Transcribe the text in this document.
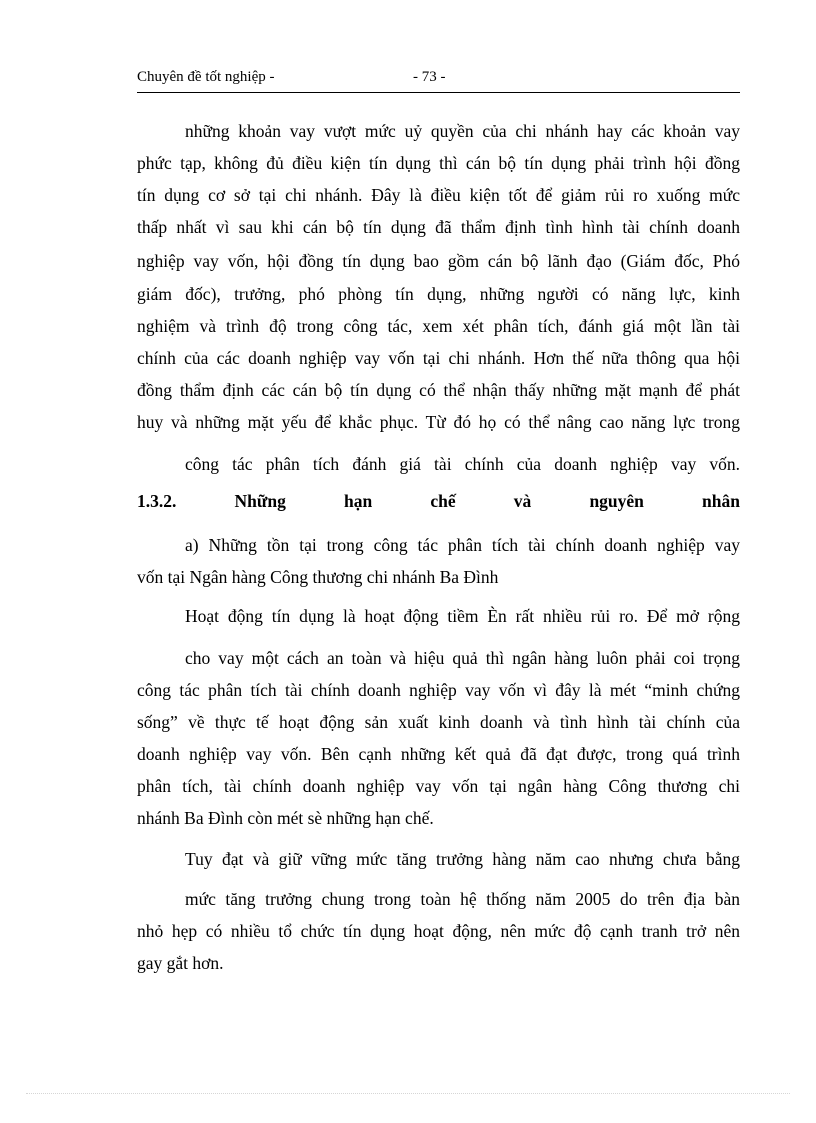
Chuyên đề tốt nghiệp -	- 73 -
những khoản vay vượt mức uỷ quyền của chi nhánh hay các khoản vay
phức tạp, không đủ điều kiện tín dụng thì cán bộ tín dụng phải trình hội đồng
tín dụng cơ sở tại chi nhánh. Đây là điều kiện tốt để giảm rủi ro xuống mức
thấp nhất vì sau khi cán bộ tín dụng đã thẩm định tình hình tài chính doanh
nghiệp vay vốn, hội đồng tín dụng bao gồm cán bộ lãnh đạo (Giám đốc, Phó
giám đốc), trưởng, phó phòng tín dụng, những người có năng lực, kinh
nghiệm và trình độ trong công tác, xem xét phân tích, đánh giá một lần tài
chính của các doanh nghiệp vay vốn tại chi nhánh. Hơn thế nữa thông qua hội
đồng thẩm định các cán bộ tín dụng có thể nhận thấy những mặt mạnh để phát
huy và những mặt yếu để khắc phục. Từ đó họ có thể nâng cao năng lực trong
công tác phân tích đánh giá tài chính của doanh nghiệp vay vốn.
1.3.2.	Những	hạn	chế	và	nguyên	nhân
a) Những tồn tại trong công tác phân tích tài chính doanh nghiệp vay
vốn tại Ngân hàng Công thương chi nhánh Ba Đình
Hoạt động tín dụng là hoạt động tiềm Èn rất nhiều rủi ro. Để mở rộng
cho vay một cách an toàn và hiệu quả thì ngân hàng luôn phải coi trọng
công tác phân tích tài chính doanh nghiệp vay vốn vì đây là mét “minh chứng
sống” về thực tế hoạt động sản xuất kinh doanh và tình hình tài chính của
doanh nghiệp vay vốn. Bên cạnh những kết quả đã đạt được, trong quá trình
phân tích, tài chính doanh nghiệp vay vốn tại ngân hàng Công thương chi
nhánh Ba Đình còn mét sè những hạn chế.
Tuy đạt và giữ vững mức tăng trưởng hàng năm cao nhưng chưa bằng
mức tăng trưởng chung trong toàn hệ thống năm 2005 do trên địa bàn
nhỏ hẹp có nhiều tổ chức tín dụng hoạt động, nên mức độ cạnh tranh trở nên
gay gắt hơn.
